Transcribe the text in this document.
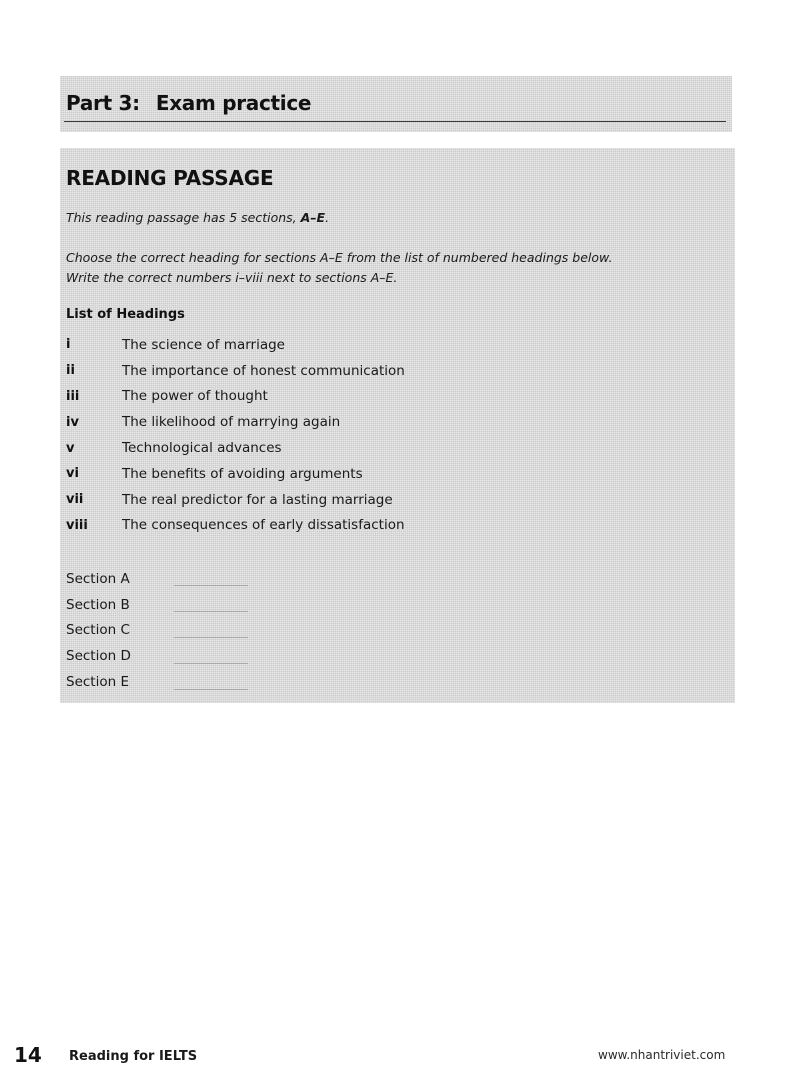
Part 3: Exam practice
READING PASSAGE
This reading passage has 5 sections, A–E.
Choose the correct heading for sections A–E from the list of numbered headings below.
Write the correct numbers i–viii next to sections A–E.
List of Headings
i	The science of marriage
ii	The importance of honest communication
iii	The power of thought
iv	The likelihood of marrying again
v	Technological advances
vi	The benefits of avoiding arguments
vii	The real predictor for a lasting marriage
viii	The consequences of early dissatisfaction
Section A
Section B
Section C
Section D
Section E
14 Reading for IELTS	www.nhantriviet.com
